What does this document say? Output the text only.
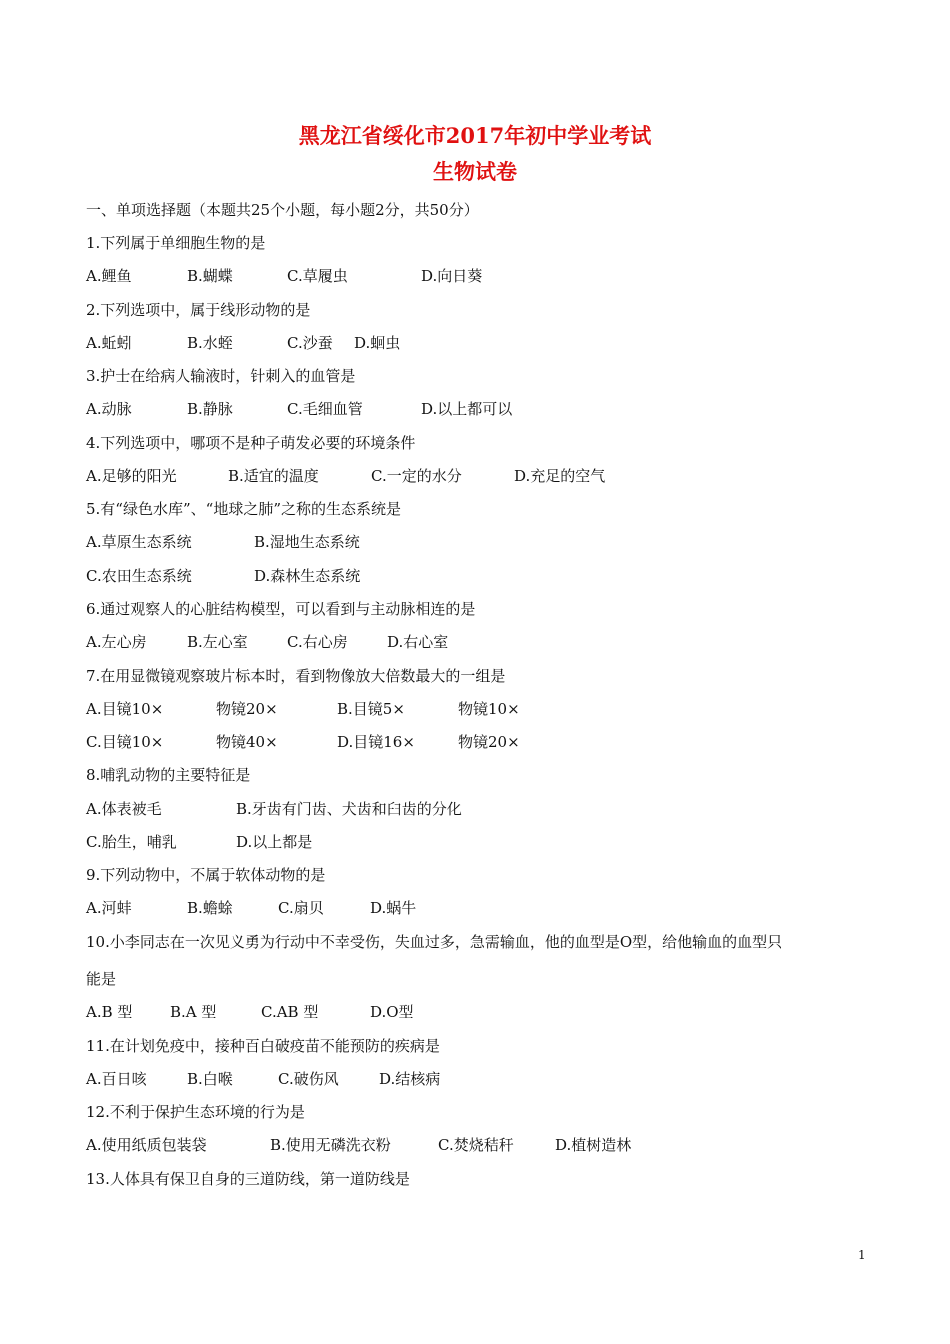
黑龙江省绥化市2017年初中学业考试
生物试卷

一、单项选择题（本题共25个小题，每小题2分，共50分）

1.下列属于单细胞生物的是

A.鲤鱼	B.蝴蝶	C.草履虫	D.向日葵

2.下列选项中，属于线形动物的是

A.蚯蚓	B.水蛭	C.沙蚕 D.蛔虫

3.护士在给病人输液时，针刺入的血管是

A.动脉	B.静脉	C.毛细血管	D.以上都可以

4.下列选项中，哪项不是种子萌发必要的环境条件

A.足够的阳光	B.适宜的温度	C.一定的水分	D.充足的空气

5.有“绿色水库”、“地球之肺”之称的生态系统是

A.草原生态系统	B.湿地生态系统
C.农田生态系统	D.森林生态系统

6.通过观察人的心脏结构模型，可以看到与主动脉相连的是

A.左心房	B.左心室	C.右心房	D.右心室

7.在用显微镜观察玻片标本时，看到物像放大倍数最大的一组是

A.目镜10×	物镜20×	B.目镜5×	物镜10×
C.目镜10×	物镜40×	D.目镜16×	物镜20×

8.哺乳动物的主要特征是

A.体表被毛	B.牙齿有门齿、犬齿和臼齿的分化
C.胎生，哺乳	D.以上都是

9.下列动物中，不属于软体动物的是

A.河蚌	B.蟾蜍	C.扇贝	D.蜗牛

10.小李同志在一次见义勇为行动中不幸受伤，失血过多，急需输血，他的血型是O型，给他输血的血型只

能是

A.B 型	B.A 型	C.AB 型	D.O型

11.在计划免疫中，接种百白破疫苗不能预防的疾病是

A.百日咳	B.白喉	C.破伤风	D.结核病

12.不利于保护生态环境的行为是

A.使用纸质包装袋	B.使用无磷洗衣粉	C.焚烧秸秆	D.植树造林

13.人体具有保卫自身的三道防线，第一道防线是

1
